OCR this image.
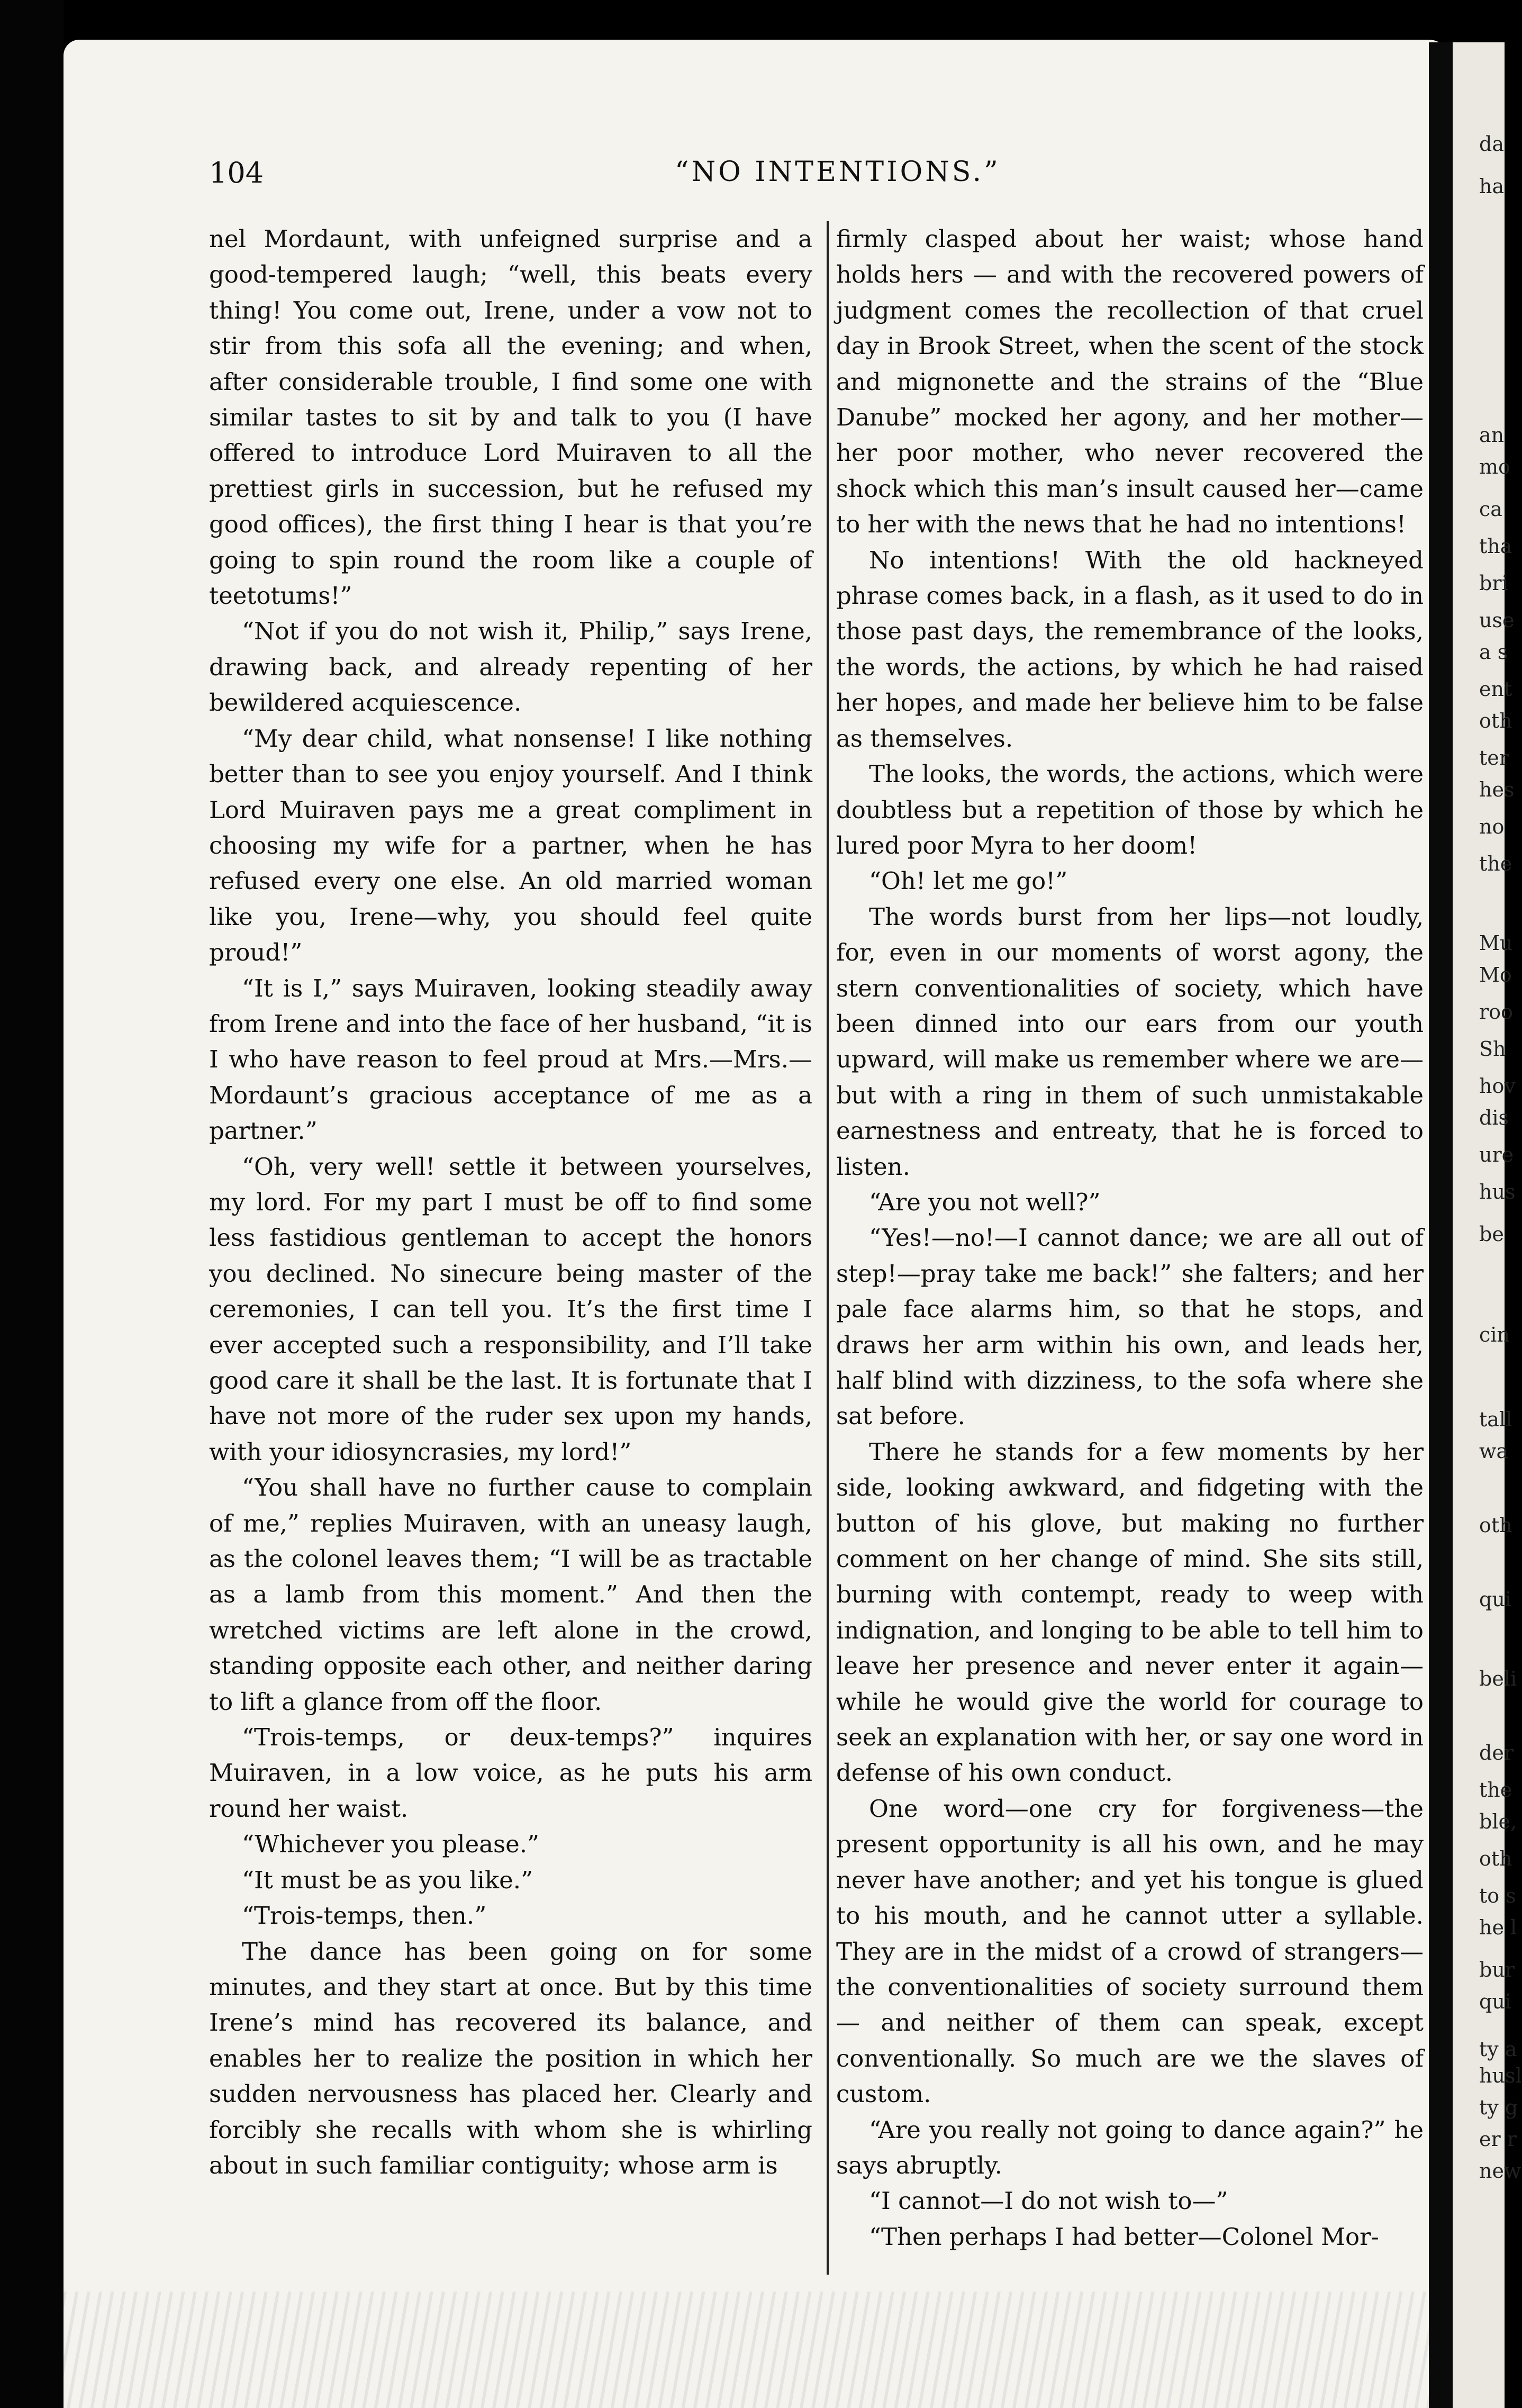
da
ha
an
mo
ca
tha
bri
use
a s
ent
oth
ter
hes
no
the
Mu
Mo
roo
Sh
hov
dis
ure
hus
be
cin
tall
wa
oth
qui
beli
der
the
ble,
oth
to s
he l
bur
qui
ty a
husl
ty g
er r
new
104	“NO INTENTIONS.”

nel Mordaunt, with unfeigned surprise and a good-tempered laugh; “well, this beats every thing! You come out, Irene, under a vow not to stir from this sofa all the evening; and when, after considerable trouble, I find some one with similar tastes to sit by and talk to you (I have offered to introduce Lord Muiraven to all the prettiest girls in succession, but he refused my good offices), the first thing I hear is that you’re going to spin round the room like a couple of teetotums!”

“Not if you do not wish it, Philip,” says Irene, drawing back, and already repenting of her bewildered acquiescence.

“My dear child, what nonsense! I like nothing better than to see you enjoy yourself. And I think Lord Muiraven pays me a great compliment in choosing my wife for a partner, when he has refused every one else. An old married woman like you, Irene—why, you should feel quite proud!”

“It is I,” says Muiraven, looking steadily away from Irene and into the face of her husband, “it is I who have reason to feel proud at Mrs.—Mrs.—Mordaunt’s gracious acceptance of me as a partner.”

“Oh, very well! settle it between yourselves, my lord. For my part I must be off to find some less fastidious gentleman to accept the honors you declined. No sinecure being master of the ceremonies, I can tell you. It’s the first time I ever accepted such a responsibility, and I’ll take good care it shall be the last. It is fortunate that I have not more of the ruder sex upon my hands, with your idiosyncrasies, my lord!”

“You shall have no further cause to complain of me,” replies Muiraven, with an uneasy laugh, as the colonel leaves them; “I will be as tractable as a lamb from this moment.” And then the wretched victims are left alone in the crowd, standing opposite each other, and neither daring to lift a glance from off the floor.

“Trois-temps, or deux-temps?” inquires Muiraven, in a low voice, as he puts his arm round her waist.

“Whichever you please.”

“It must be as you like.”

“Trois-temps, then.”

The dance has been going on for some minutes, and they start at once. But by this time Irene’s mind has recovered its balance, and enables her to realize the position in which her sudden nervousness has placed her. Clearly and forcibly she recalls with whom she is whirling about in such familiar contiguity; whose arm is

firmly clasped about her waist; whose hand holds hers — and with the recovered powers of judgment comes the recollection of that cruel day in Brook Street, when the scent of the stock and mignonette and the strains of the “Blue Danube” mocked her agony, and her mother—her poor mother, who never recovered the shock which this man’s insult caused her—came to her with the news that he had no intentions!

No intentions! With the old hackneyed phrase comes back, in a flash, as it used to do in those past days, the remembrance of the looks, the words, the actions, by which he had raised her hopes, and made her believe him to be false as themselves.

The looks, the words, the actions, which were doubtless but a repetition of those by which he lured poor Myra to her doom!

“Oh! let me go!”

The words burst from her lips—not loudly, for, even in our moments of worst agony, the stern conventionalities of society, which have been dinned into our ears from our youth upward, will make us remember where we are—but with a ring in them of such unmistakable earnestness and entreaty, that he is forced to listen.

“Are you not well?”

“Yes!—no!—I cannot dance; we are all out of step!—pray take me back!” she falters; and her pale face alarms him, so that he stops, and draws her arm within his own, and leads her, half blind with dizziness, to the sofa where she sat before.

There he stands for a few moments by her side, looking awkward, and fidgeting with the button of his glove, but making no further comment on her change of mind. She sits still, burning with contempt, ready to weep with indignation, and longing to be able to tell him to leave her presence and never enter it again—while he would give the world for courage to seek an explanation with her, or say one word in defense of his own conduct.

One word—one cry for forgiveness—the present opportunity is all his own, and he may never have another; and yet his tongue is glued to his mouth, and he cannot utter a syllable. They are in the midst of a crowd of strangers—the conventionalities of society surround them — and neither of them can speak, except conventionally. So much are we the slaves of custom.

“Are you really not going to dance again?” he says abruptly.

“I cannot—I do not wish to—”

“Then perhaps I had better—Colonel Mor-
